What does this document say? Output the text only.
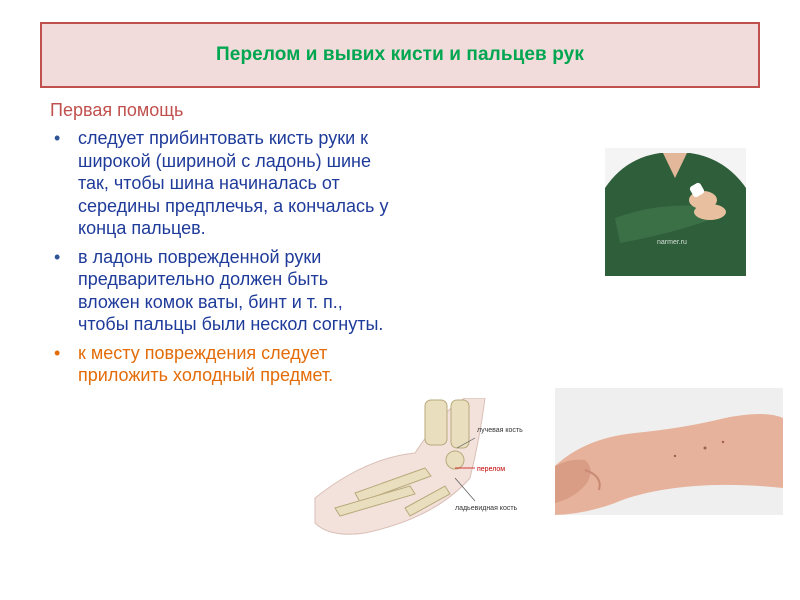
Перелом и вывих кисти и пальцев рук
Первая помощь
• следует прибинтовать кисть руки к широкой (шириной с ладонь) шине так, чтобы шина начиналась от середины предплечья, а кончалась у конца пальцев.
• в ладонь поврежденной руки предварительно должен быть вложен комок ваты, бинт и т. п., чтобы пальцы были нескол согнуты.
• к месту повреждения следует приложить холодный предмет.
narmer.ru
лучевая кость
перелом
ладьевидная кость
